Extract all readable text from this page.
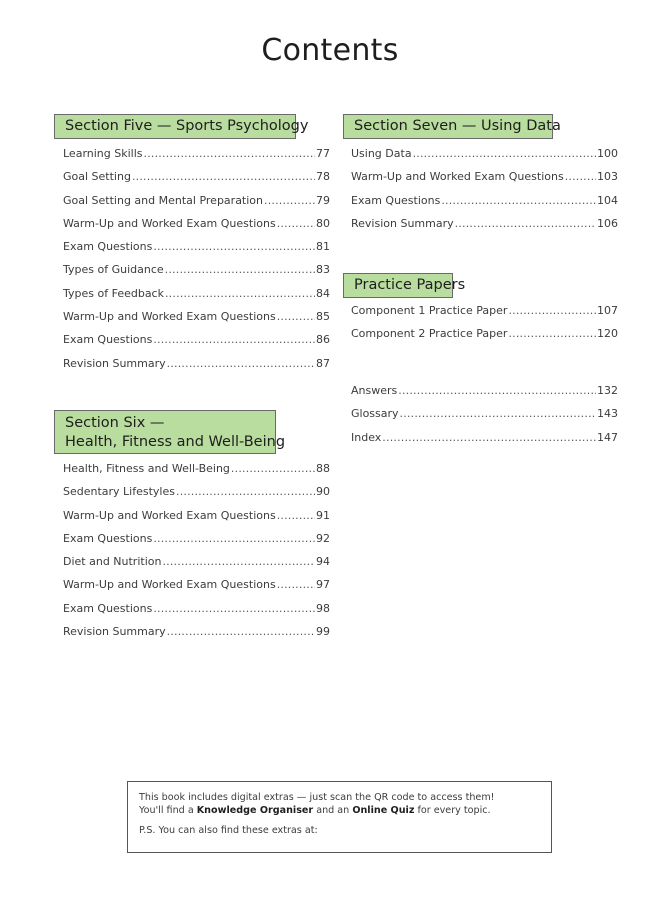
Contents
Section Five — Sports Psychology
Learning Skills .....	77
Goal Setting .....	78
Goal Setting and Mental Preparation .....	79
Warm-Up and Worked Exam Questions .....	80
Exam Questions .....	81
Types of Guidance .....	83
Types of Feedback .....	84
Warm-Up and Worked Exam Questions .....	85
Exam Questions .....	86
Revision Summary .....	87
Section Six —
Health, Fitness and Well-Being
Health, Fitness and Well-Being .....	88
Sedentary Lifestyles .....	90
Warm-Up and Worked Exam Questions .....	91
Exam Questions .....	92
Diet and Nutrition .....	94
Warm-Up and Worked Exam Questions .....	97
Exam Questions .....	98
Revision Summary .....	99
Section Seven — Using Data
Using Data .....	100
Warm-Up and Worked Exam Questions .....	103
Exam Questions .....	104
Revision Summary .....	106
Practice Papers
Component 1 Practice Paper .....	107
Component 2 Practice Paper .....	120
Answers .....	132
Glossary .....	143
Index .....	147
This book includes digital extras — just scan the QR code to access them!
You'll find a Knowledge Organiser and an Online Quiz for every topic.
P.S. You can also find these extras at:
